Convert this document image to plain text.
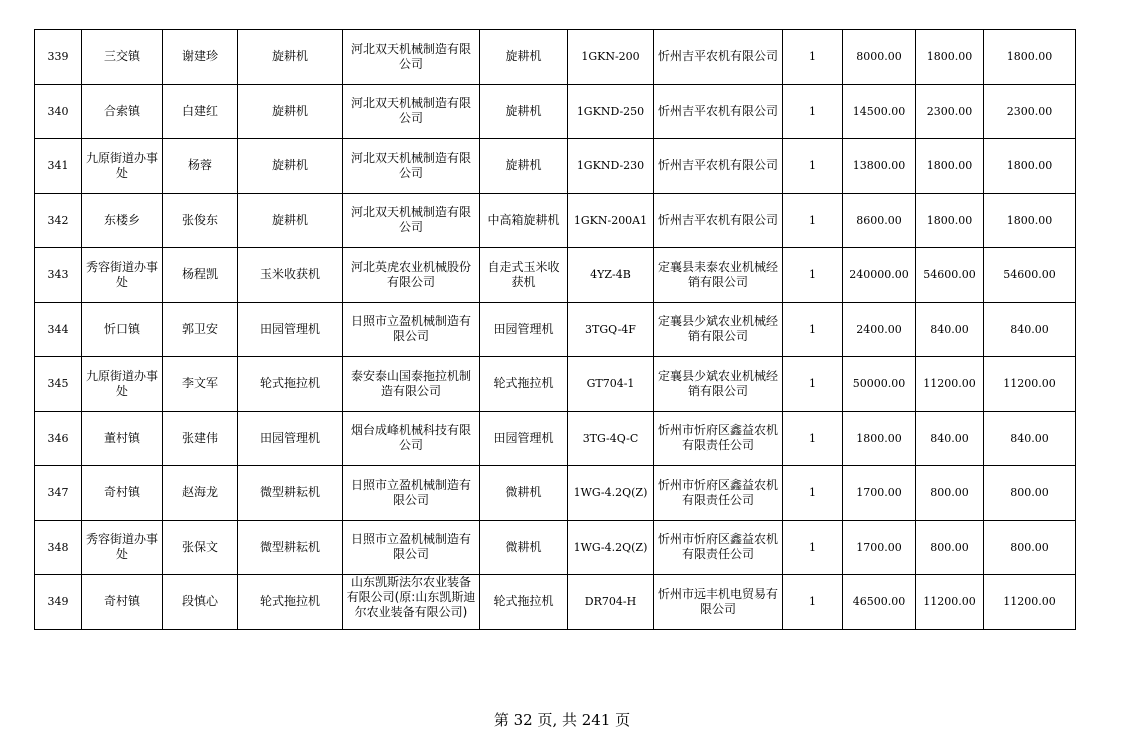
339	三交镇	谢建珍	旋耕机	河北双天机械制造有限公司	旋耕机	1GKN-200	忻州吉平农机有限公司	1	8000.00	1800.00	1800.00
340	合索镇	白建红	旋耕机	河北双天机械制造有限公司	旋耕机	1GKND-250	忻州吉平农机有限公司	1	14500.00	2300.00	2300.00
341	九原街道办事处	杨蓉	旋耕机	河北双天机械制造有限公司	旋耕机	1GKND-230	忻州吉平农机有限公司	1	13800.00	1800.00	1800.00
342	东楼乡	张俊东	旋耕机	河北双天机械制造有限公司	中高箱旋耕机	1GKN-200A1	忻州吉平农机有限公司	1	8600.00	1800.00	1800.00
343	秀容街道办事处	杨程凯	玉米收获机	河北英虎农业机械股份有限公司	自走式玉米收获机	4YZ-4B	定襄县耒泰农业机械经销有限公司	1	240000.00	54600.00	54600.00
344	忻口镇	郭卫安	田园管理机	日照市立盈机械制造有限公司	田园管理机	3TGQ-4F	定襄县少斌农业机械经销有限公司	1	2400.00	840.00	840.00
345	九原街道办事处	李文军	轮式拖拉机	泰安泰山国泰拖拉机制造有限公司	轮式拖拉机	GT704-1	定襄县少斌农业机械经销有限公司	1	50000.00	11200.00	11200.00
346	董村镇	张建伟	田园管理机	烟台成峰机械科技有限公司	田园管理机	3TG-4Q-C	忻州市忻府区鑫益农机有限责任公司	1	1800.00	840.00	840.00
347	奇村镇	赵海龙	微型耕耘机	日照市立盈机械制造有限公司	微耕机	1WG-4.2Q(Z)	忻州市忻府区鑫益农机有限责任公司	1	1700.00	800.00	800.00
348	秀容街道办事处	张保文	微型耕耘机	日照市立盈机械制造有限公司	微耕机	1WG-4.2Q(Z)	忻州市忻府区鑫益农机有限责任公司	1	1700.00	800.00	800.00
349	奇村镇	段慎心	轮式拖拉机	山东凯斯法尔农业装备有限公司(原:山东凯斯迪尔农业装备有限公司)	轮式拖拉机	DR704-H	忻州市远丰机电贸易有限公司	1	46500.00	11200.00	11200.00
第 32 页, 共 241 页
